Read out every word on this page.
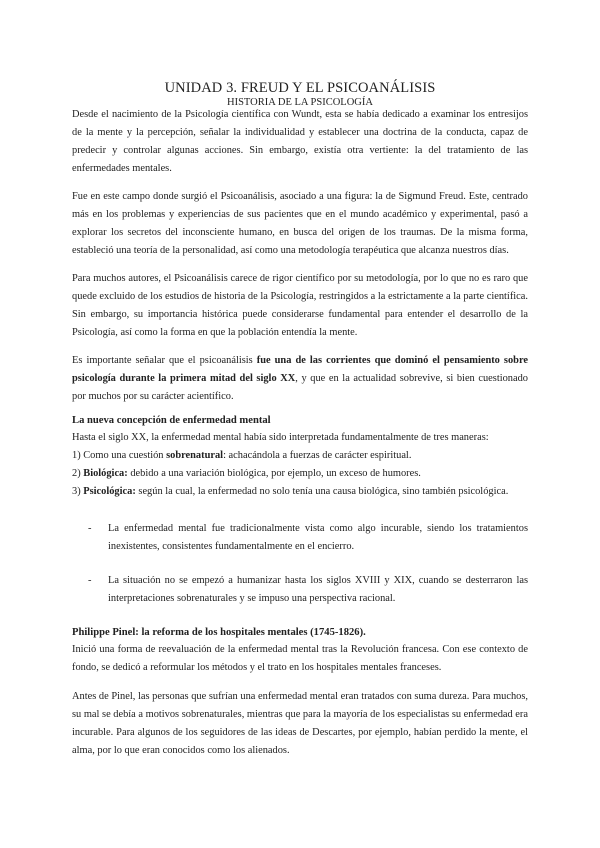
UNIDAD 3. FREUD Y EL PSICOANÁLISIS
HISTORIA DE LA PSICOLOGÍA
Desde el nacimiento de la Psicología científica con Wundt, esta se había dedicado a examinar los entresijos de la mente y la percepción, señalar la individualidad y establecer una doctrina de la conducta, capaz de predecir y controlar algunas acciones. Sin embargo, existía otra vertiente: la del tratamiento de las enfermedades mentales.
Fue en este campo donde surgió el Psicoanálisis, asociado a una figura: la de Sigmund Freud. Este, centrado más en los problemas y experiencias de sus pacientes que en el mundo académico y experimental, pasó a explorar los secretos del inconsciente humano, en busca del origen de los traumas. De la misma forma, estableció una teoría de la personalidad, así como una metodología terapéutica que alcanza nuestros días.
Para muchos autores, el Psicoanálisis carece de rigor científico por su metodología, por lo que no es raro que quede excluido de los estudios de historia de la Psicología, restringidos a la estrictamente a la parte científica. Sin embargo, su importancia histórica puede considerarse fundamental para entender el desarrollo de la Psicología, así como la forma en que la población entendía la mente.
Es importante señalar que el psicoanálisis fue una de las corrientes que dominó el pensamiento sobre psicología durante la primera mitad del siglo XX, y que en la actualidad sobrevive, si bien cuestionado por muchos por su carácter acientífico.
La nueva concepción de enfermedad mental
Hasta el siglo XX, la enfermedad mental había sido interpretada fundamentalmente de tres maneras:
1) Como una cuestión sobrenatural: achacándola a fuerzas de carácter espiritual.
2) Biológica: debido a una variación biológica, por ejemplo, un exceso de humores.
3) Psicológica: según la cual, la enfermedad no solo tenía una causa biológica, sino también psicológica.
- La enfermedad mental fue tradicionalmente vista como algo incurable, siendo los tratamientos inexistentes, consistentes fundamentalmente en el encierro.
- La situación no se empezó a humanizar hasta los siglos XVIII y XIX, cuando se desterraron las interpretaciones sobrenaturales y se impuso una perspectiva racional.
Philippe Pinel: la reforma de los hospitales mentales (1745-1826).
Inició una forma de reevaluación de la enfermedad mental tras la Revolución francesa. Con ese contexto de fondo, se dedicó a reformular los métodos y el trato en los hospitales mentales franceses.
Antes de Pinel, las personas que sufrían una enfermedad mental eran tratados con suma dureza. Para muchos, su mal se debía a motivos sobrenaturales, mientras que para la mayoría de los especialistas su enfermedad era incurable. Para algunos de los seguidores de las ideas de Descartes, por ejemplo, habían perdido la mente, el alma, por lo que eran conocidos como los alienados.
